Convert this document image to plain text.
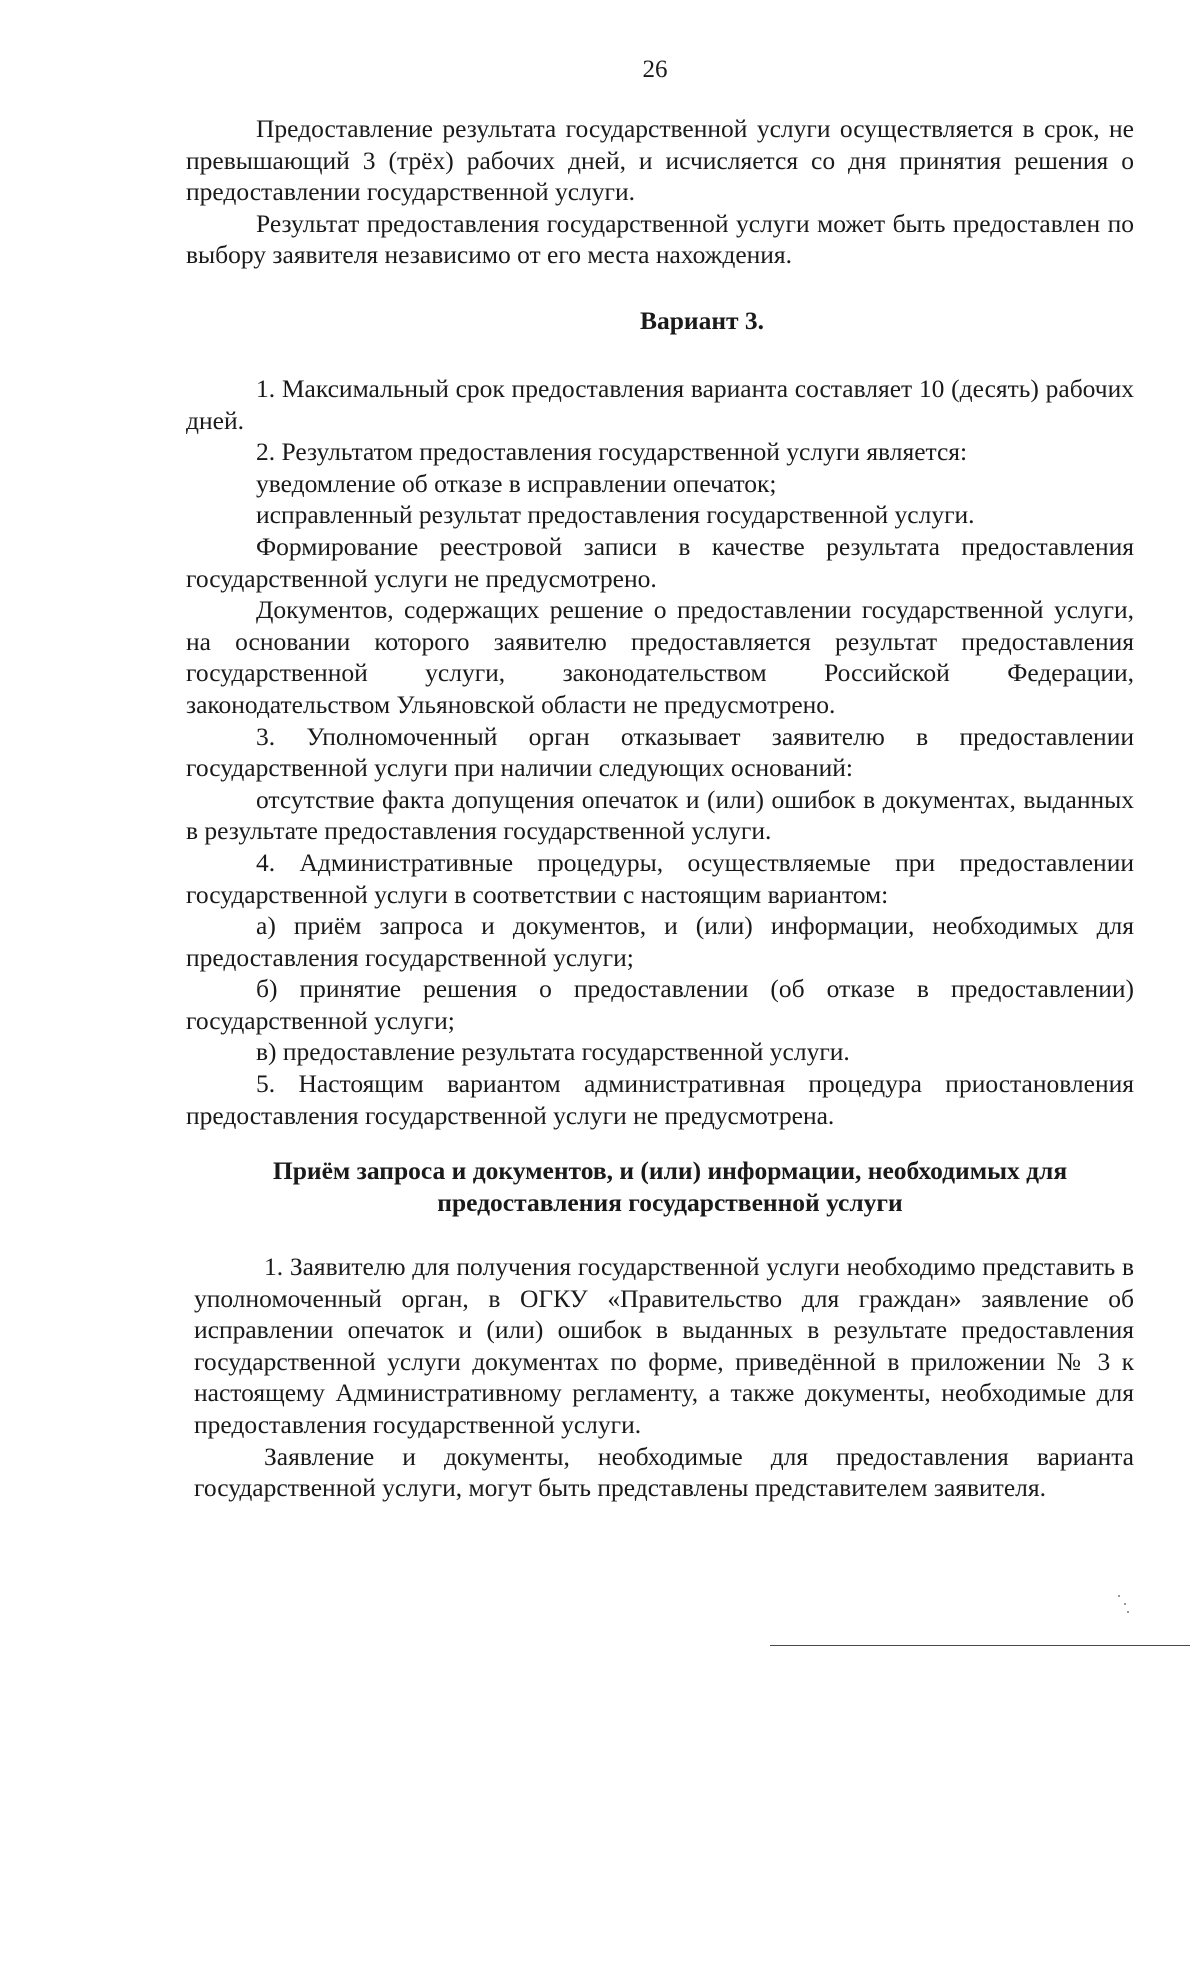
26

Предоставление результата государственной услуги осуществляется в срок, не превышающий 3 (трёх) рабочих дней, и исчисляется со дня принятия решения о предоставлении государственной услуги.

Результат предоставления государственной услуги может быть предоставлен по выбору заявителя независимо от его места нахождения.

Вариант 3.

1. Максимальный срок предоставления варианта составляет 10 (десять) рабочих дней.

2. Результатом предоставления государственной услуги является:

уведомление об отказе в исправлении опечаток;

исправленный результат предоставления государственной услуги.

Формирование реестровой записи в качестве результата предоставления государственной услуги не предусмотрено.

Документов, содержащих решение о предоставлении государственной услуги, на основании которого заявителю предоставляется результат предоставления государственной услуги, законодательством Российской Федерации, законодательством Ульяновской области не предусмотрено.

3. Уполномоченный орган отказывает заявителю в предоставлении государственной услуги при наличии следующих оснований:

отсутствие факта допущения опечаток и (или) ошибок в документах, выданных в результате предоставления государственной услуги.

4. Административные процедуры, осуществляемые при предоставлении государственной услуги в соответствии с настоящим вариантом:

а) приём запроса и документов, и (или) информации, необходимых для предоставления государственной услуги;

б) принятие решения о предоставлении (об отказе в предоставлении) государственной услуги;

в) предоставление результата государственной услуги.

5. Настоящим вариантом административная процедура приостановления предоставления государственной услуги не предусмотрена.

Приём запроса и документов, и (или) информации, необходимых для
предоставления государственной услуги

1. Заявителю для получения государственной услуги необходимо представить в уполномоченный орган, в ОГКУ «Правительство для граждан» заявление об исправлении опечаток и (или) ошибок в выданных в результате предоставления государственной услуги документах по форме, приведённой в приложении № 3 к настоящему Административному регламенту, а также документы, необходимые для предоставления государственной услуги.

Заявление и документы, необходимые для предоставления варианта государственной услуги, могут быть представлены представителем заявителя.
